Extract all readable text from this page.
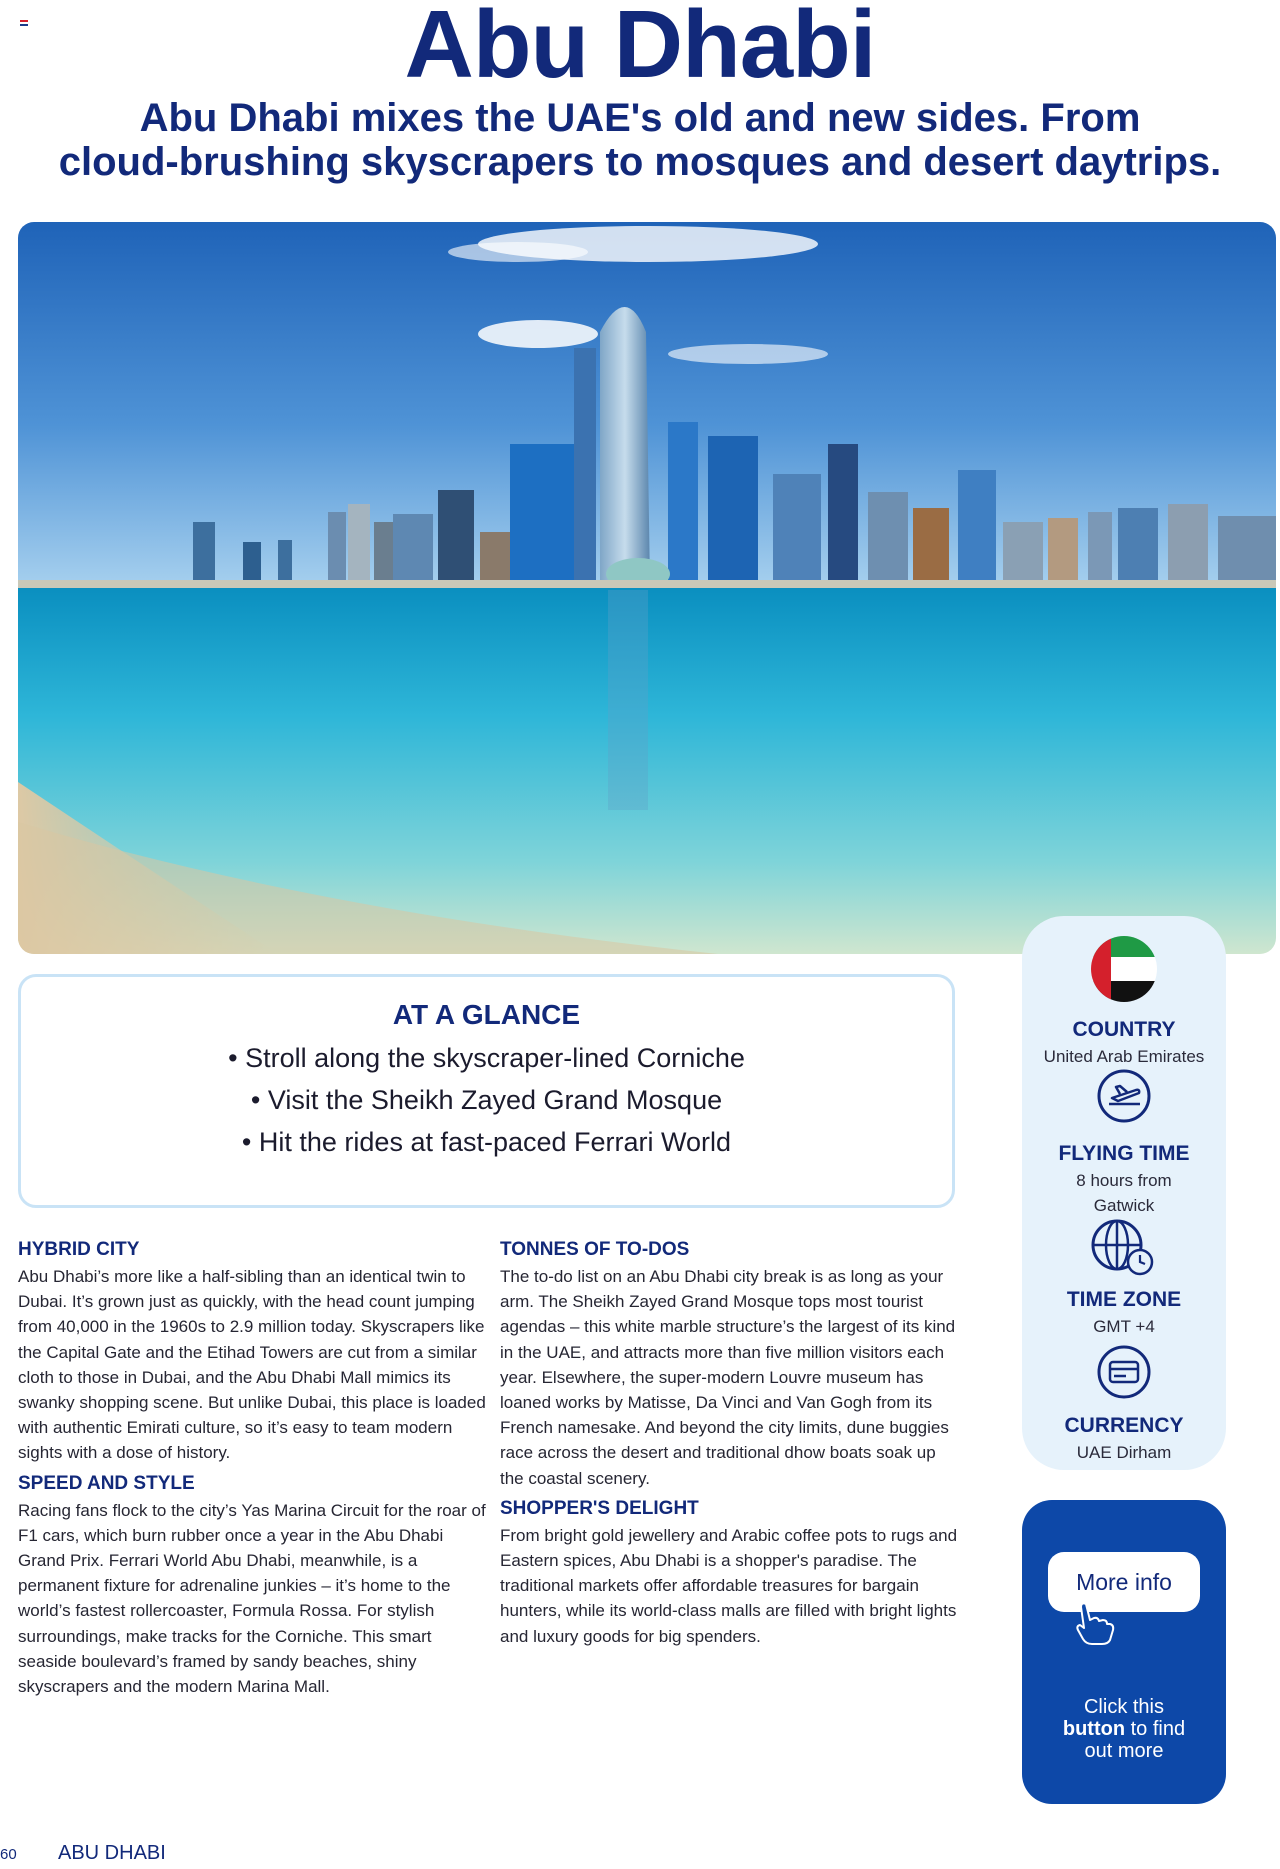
Abu Dhabi
Abu Dhabi mixes the UAE's old and new sides. From
cloud-brushing skyscrapers to mosques and desert daytrips.
AT A GLANCE
• Stroll along the skyscraper-lined Corniche
• Visit the Sheikh Zayed Grand Mosque
• Hit the rides at fast-paced Ferrari World
COUNTRY
United Arab Emirates
FLYING TIME
8 hours from
Gatwick
TIME ZONE
GMT +4
CURRENCY
UAE Dirham
HYBRID CITY

Abu Dhabi’s more like a half-sibling than an identical twin to Dubai. It’s grown just as quickly, with the head count jumping from 40,000 in the 1960s to 2.9 million today. Skyscrapers like the Capital Gate and the Etihad Towers are cut from a similar cloth to those in Dubai, and the Abu Dhabi Mall mimics its swanky shopping scene. But unlike Dubai, this place is loaded with authentic Emirati culture, so it’s easy to team modern sights with a dose of history.

SPEED AND STYLE

Racing fans flock to the city’s Yas Marina Circuit for the roar of F1 cars, which burn rubber once a year in the Abu Dhabi Grand Prix. Ferrari World Abu Dhabi, meanwhile, is a permanent fixture for adrenaline junkies – it’s home to the world’s fastest rollercoaster, Formula Rossa. For stylish surroundings, make tracks for the Corniche. This smart seaside boulevard’s framed by sandy beaches, shiny skyscrapers and the modern Marina Mall.

TONNES OF TO-DOS

The to-do list on an Abu Dhabi city break is as long as your arm. The Sheikh Zayed Grand Mosque tops most tourist agendas – this white marble structure’s the largest of its kind in the UAE, and attracts more than five million visitors each year. Elsewhere, the super-modern Louvre museum has loaned works by Matisse, Da Vinci and Van Gogh from its French namesake. And beyond the city limits, dune buggies race across the desert and traditional dhow boats soak up the coastal scenery.

SHOPPER'S DELIGHT

From bright gold jewellery and Arabic coffee pots to rugs and Eastern spices, Abu Dhabi is a shopper's paradise. The traditional markets offer affordable treasures for bargain hunters, while its world-class malls are filled with bright lights and luxury goods for big spenders.

More info
Click this
button to find
out more
60 ABU DHABI
